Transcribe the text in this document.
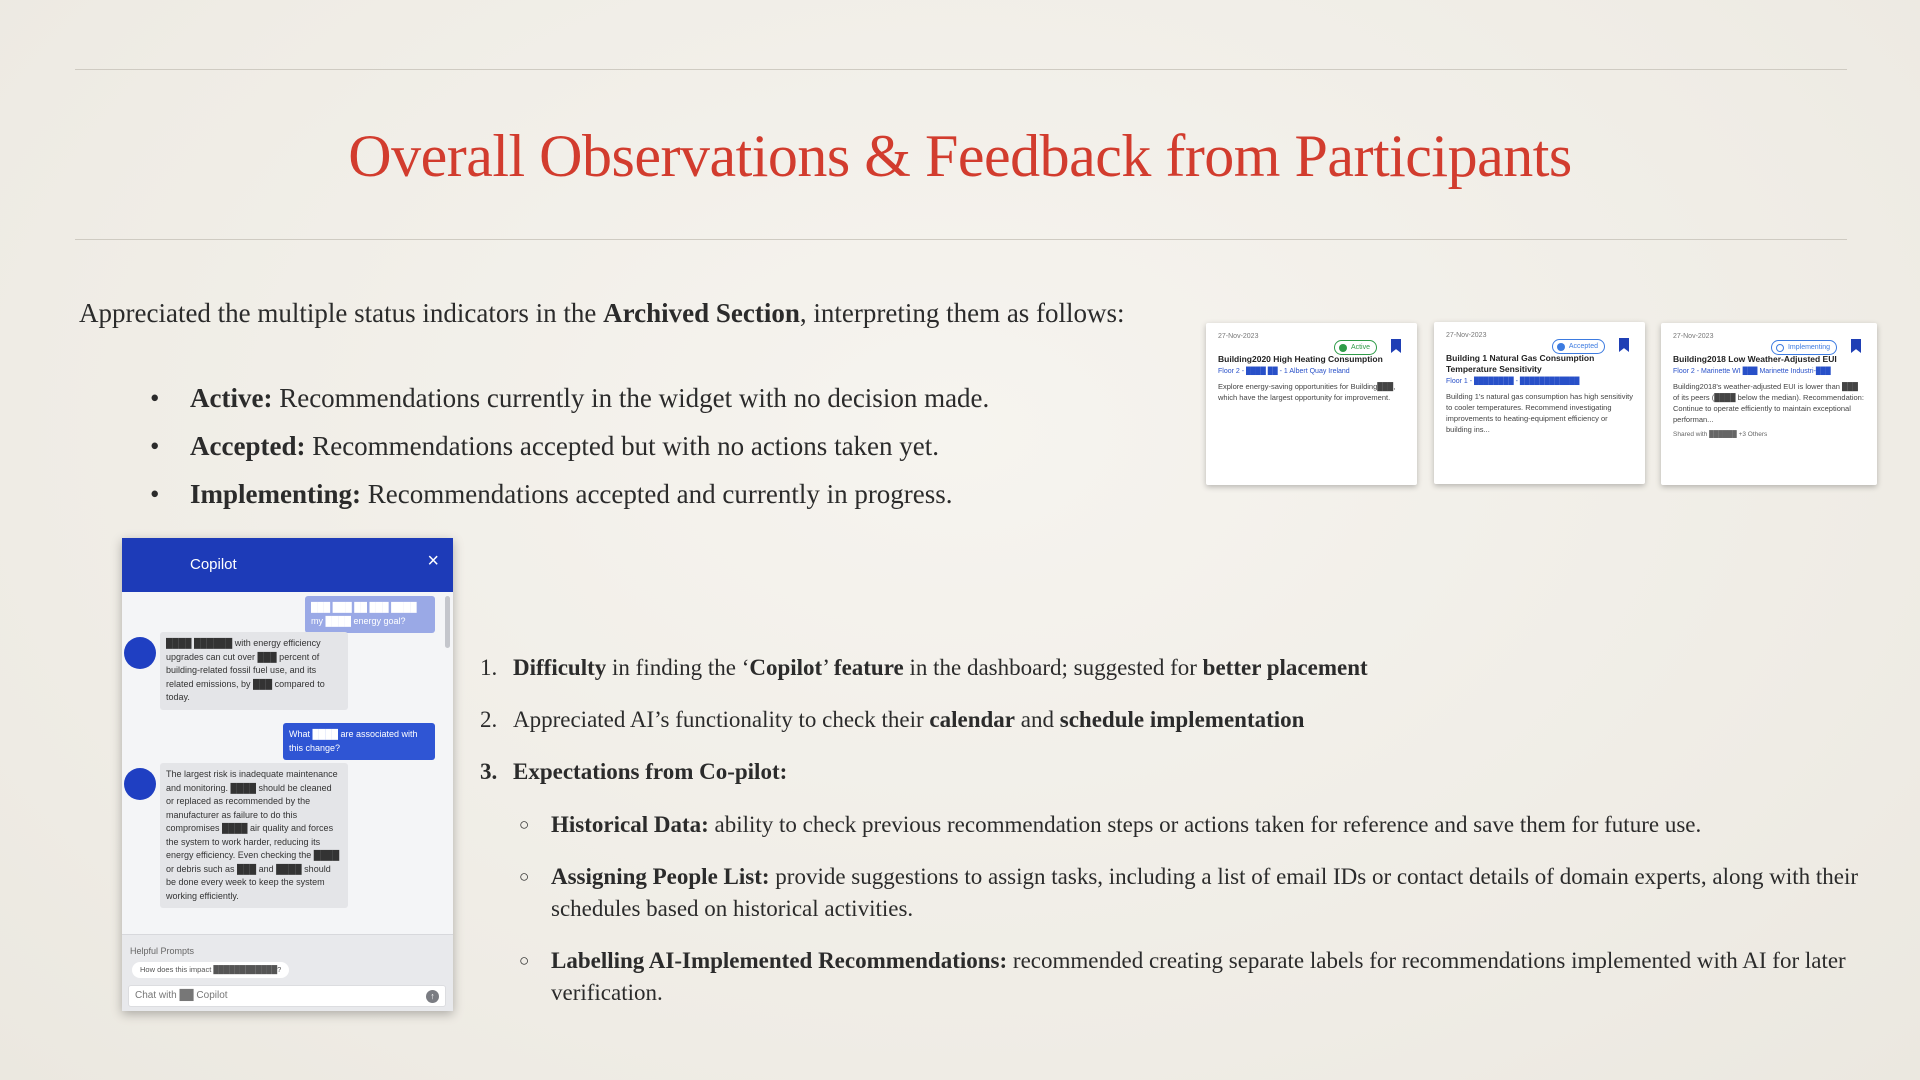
Overall Observations & Feedback from Participants
Appreciated the multiple status indicators in the Archived Section, interpreting them as follows:
• Active: Recommendations currently in the widget with no decision made.
• Accepted: Recommendations accepted but with no actions taken yet.
• Implementing: Recommendations accepted and currently in progress.
27-Nov-2023
Active
Building2020 High Heating Consumption
Floor 2 - ████ ██ - 1 Albert Quay Ireland
Explore energy-saving opportunities for Building███, which have the largest opportunity for improvement.
27-Nov-2023
Accepted
Building 1 Natural Gas Consumption Temperature Sensitivity
Floor 1 - ████████ - ████████████
Building 1's natural gas consumption has high sensitivity to cooler temperatures. Recommend investigating improvements to heating-equipment efficiency or building ins...
27-Nov-2023
Implementing
Building2018 Low Weather-Adjusted EUI
Floor 2 - Marinette WI ███ Marinette Industri-███
Building2018's weather-adjusted EUI is lower than ███ of its peers (████ below the median). Recommendation: Continue to operate efficiently to maintain exceptional performan...
Shared with ██████ +3 Others
Copilot	×
███ ███ ██ ███ ████ my ████ energy goal?
████ ██████ with energy efficiency upgrades can cut over ███ percent of building-related fossil fuel use, and its related emissions, by ███ compared to today.
What ████ are associated with this change?
The largest risk is inadequate maintenance and monitoring. ████ should be cleaned or replaced as recommended by the manufacturer as failure to do this compromises ████ air quality and forces the system to work harder, reducing its energy efficiency. Even checking the ████ or debris such as ███ and ████ should be done every week to keep the system working efficiently.
Helpful Prompts
How does this impact ████████████?
Chat with ██ Copilot	↑
1. Difficulty in finding the ‘Copilot’ feature in the dashboard; suggested for better placement
2. Appreciated AI’s functionality to check their calendar and schedule implementation
3. Expectations from Co-pilot:
○ Historical Data: ability to check previous recommendation steps or actions taken for reference and save them for future use.
○ Assigning People List: provide suggestions to assign tasks, including a list of email IDs or contact details of domain experts, along with their schedules based on historical activities.
○ Labelling AI-Implemented Recommendations: recommended creating separate labels for recommendations implemented with AI for later verification.
